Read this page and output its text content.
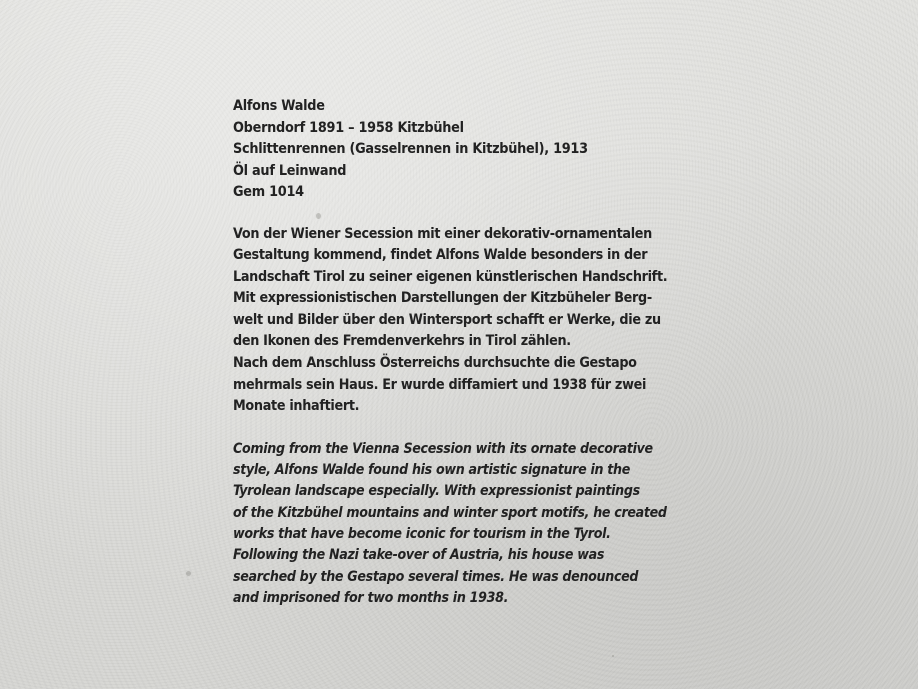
Alfons Walde
Oberndorf 1891 – 1958 Kitzbühel
Schlittenrennen (Gasselrennen in Kitzbühel), 1913
Öl auf Leinwand
Gem 1014
Von der Wiener Secession mit einer dekorativ-ornamentalen
Gestaltung kommend, findet Alfons Walde besonders in der
Landschaft Tirol zu seiner eigenen künstlerischen Handschrift.
Mit expressionistischen Darstellungen der Kitzbüheler Berg-
welt und Bilder über den Wintersport schafft er Werke, die zu
den Ikonen des Fremdenverkehrs in Tirol zählen.
Nach dem Anschluss Österreichs durchsuchte die Gestapo
mehrmals sein Haus. Er wurde diffamiert und 1938 für zwei
Monate inhaftiert.
Coming from the Vienna Secession with its ornate decorative
style, Alfons Walde found his own artistic signature in the
Tyrolean landscape especially. With expressionist paintings
of the Kitzbühel mountains and winter sport motifs, he created
works that have become iconic for tourism in the Tyrol.
Following the Nazi take-over of Austria, his house was
searched by the Gestapo several times. He was denounced
and imprisoned for two months in 1938.
